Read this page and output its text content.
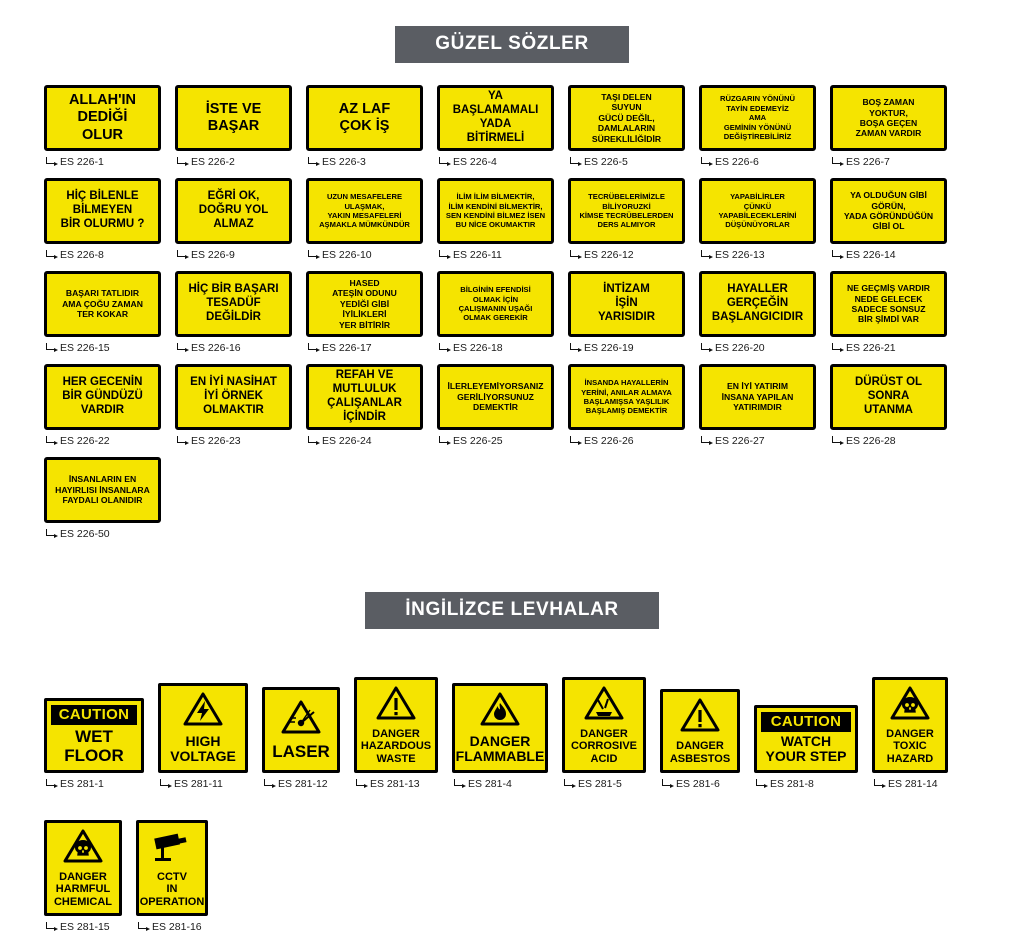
GÜZEL SÖZLER
ALLAH'IN
DEDİĞİ
OLUR
ES 226-1
İSTE VE
BAŞAR
ES 226-2
AZ LAF
ÇOK İŞ
ES 226-3
YA
BAŞLAMAMALI
YADA
BİTİRMELİ
ES 226-4
TAŞI DELEN
SUYUN
GÜCÜ DEĞİL,
DAMLALARIN
SÜREKLİLİĞİDİR
ES 226-5
RÜZGARIN YÖNÜNÜ
TAYİN EDEMEYİZ
AMA
GEMİNİN YÖNÜNÜ
DEĞİŞTİREBİLİRİZ
ES 226-6
BOŞ ZAMAN
YOKTUR,
BOŞA GEÇEN
ZAMAN VARDIR
ES 226-7
HİÇ BİLENLE
BİLMEYEN
BİR OLURMU ?
ES 226-8
EĞRİ OK,
DOĞRU YOL
ALMAZ
ES 226-9
UZUN MESAFELERE
ULAŞMAK,
YAKIN MESAFELERİ
AŞMAKLA MÜMKÜNDÜR
ES 226-10
İLİM İLİM BİLMEKTİR,
İLİM KENDİNİ BİLMEKTİR,
SEN KENDİNİ BİLMEZ İSEN
BU NİCE OKUMAKTIR
ES 226-11
TECRÜBELERİMİZLE
BİLİYORUZKİ
KİMSE TECRÜBELERDEN
DERS ALMIYOR
ES 226-12
YAPABİLİRLER
ÇÜNKÜ
YAPABİLECEKLERİNİ
DÜŞÜNÜYORLAR
ES 226-13
YA OLDUĞUN GİBİ
GÖRÜN,
YADA GÖRÜNDÜĞÜN
GİBİ OL
ES 226-14
BAŞARI TATLIDIR
AMA ÇOĞU ZAMAN
TER KOKAR
ES 226-15
HİÇ BİR BAŞARI
TESADÜF
DEĞİLDİR
ES 226-16
HASED
ATEŞİN ODUNU
YEDİĞİ GİBİ
İYİLİKLERİ
YER BİTİRİR
ES 226-17
BİLGİNİN EFENDİSİ
OLMAK İÇİN
ÇALIŞMANIN UŞAĞI
OLMAK GEREKİR
ES 226-18
İNTİZAM
İŞİN
YARISIDIR
ES 226-19
HAYALLER
GERÇEĞİN
BAŞLANGICIDIR
ES 226-20
NE GEÇMİŞ VARDIR
NEDE GELECEK
SADECE SONSUZ
BİR ŞİMDİ VAR
ES 226-21
HER GECENİN
BİR GÜNDÜZÜ
VARDIR
ES 226-22
EN İYİ NASİHAT
İYİ ÖRNEK
OLMAKTIR
ES 226-23
REFAH VE
MUTLULUK
ÇALIŞANLAR
İÇİNDİR
ES 226-24
İLERLEYEMİYORSANIZ
GERİLİYORSUNUZ
DEMEKTİR
ES 226-25
İNSANDA HAYALLERİN
YERİNİ, ANILAR ALMAYA
BAŞLAMIŞSA YAŞLILIK
BAŞLAMIŞ DEMEKTİR
ES 226-26
EN İYİ YATIRIM
İNSANA YAPILAN
YATIRIMDIR
ES 226-27
DÜRÜST OL
SONRA
UTANMA
ES 226-28
İNSANLARIN EN
HAYIRLISI İNSANLARA
FAYDALI OLANIDIR
ES 226-50
İNGİLİZCE LEVHALAR
CAUTION
WET
FLOOR
ES 281-1
HIGH
VOLTAGE
ES 281-11
LASER
ES 281-12
DANGER
HAZARDOUS
WASTE
ES 281-13
DANGER
FLAMMABLE
ES 281-4
DANGER
CORROSIVE
ACID
ES 281-5
DANGER
ASBESTOS
ES 281-6
CAUTION
WATCH
YOUR STEP
ES 281-8
DANGER
TOXIC
HAZARD
ES 281-14
DANGER
HARMFUL
CHEMICAL
ES 281-15
CCTV
IN
OPERATION
ES 281-16
